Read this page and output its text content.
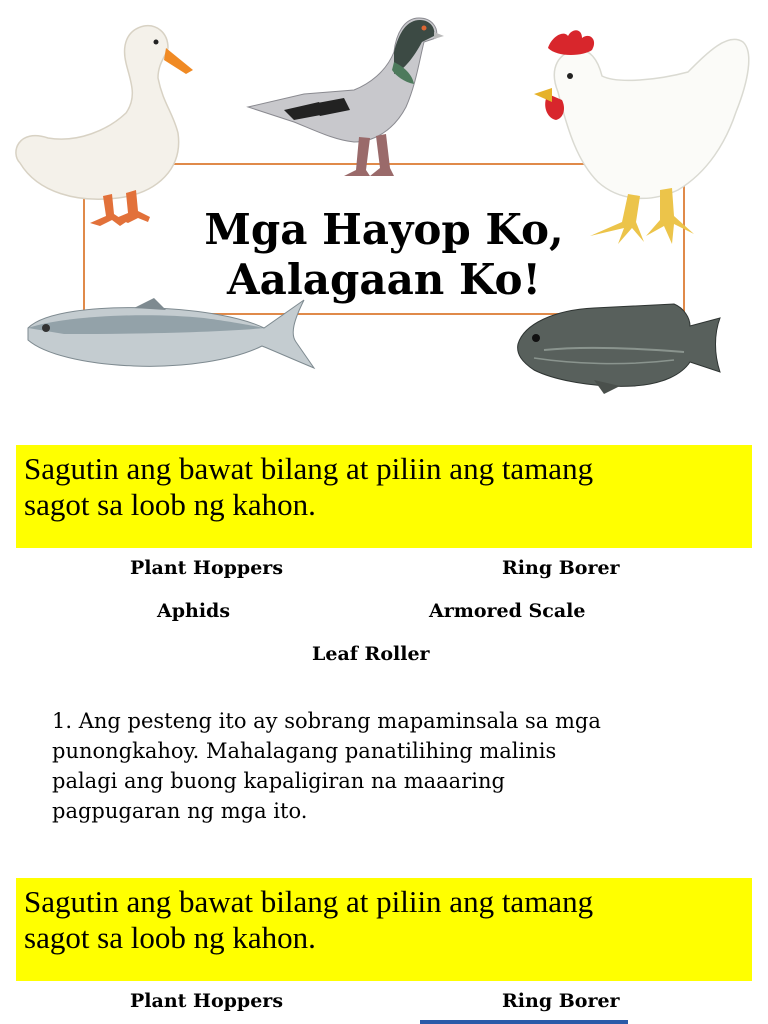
Mga Hayop Ko,
Aalagaan Ko!
Sagutin ang bawat bilang at piliin ang tamang
sagot sa loob ng kahon.
Plant Hoppers	Ring Borer
Aphids	Armored Scale
Leaf Roller
1. Ang pesteng ito ay sobrang mapaminsala sa mga
punongkahoy. Mahalagang panatilihing malinis
palagi ang buong kapaligiran na maaaring
pagpugaran ng mga ito.
Sagutin ang bawat bilang at piliin ang tamang
sagot sa loob ng kahon.
Plant Hoppers	Ring Borer
